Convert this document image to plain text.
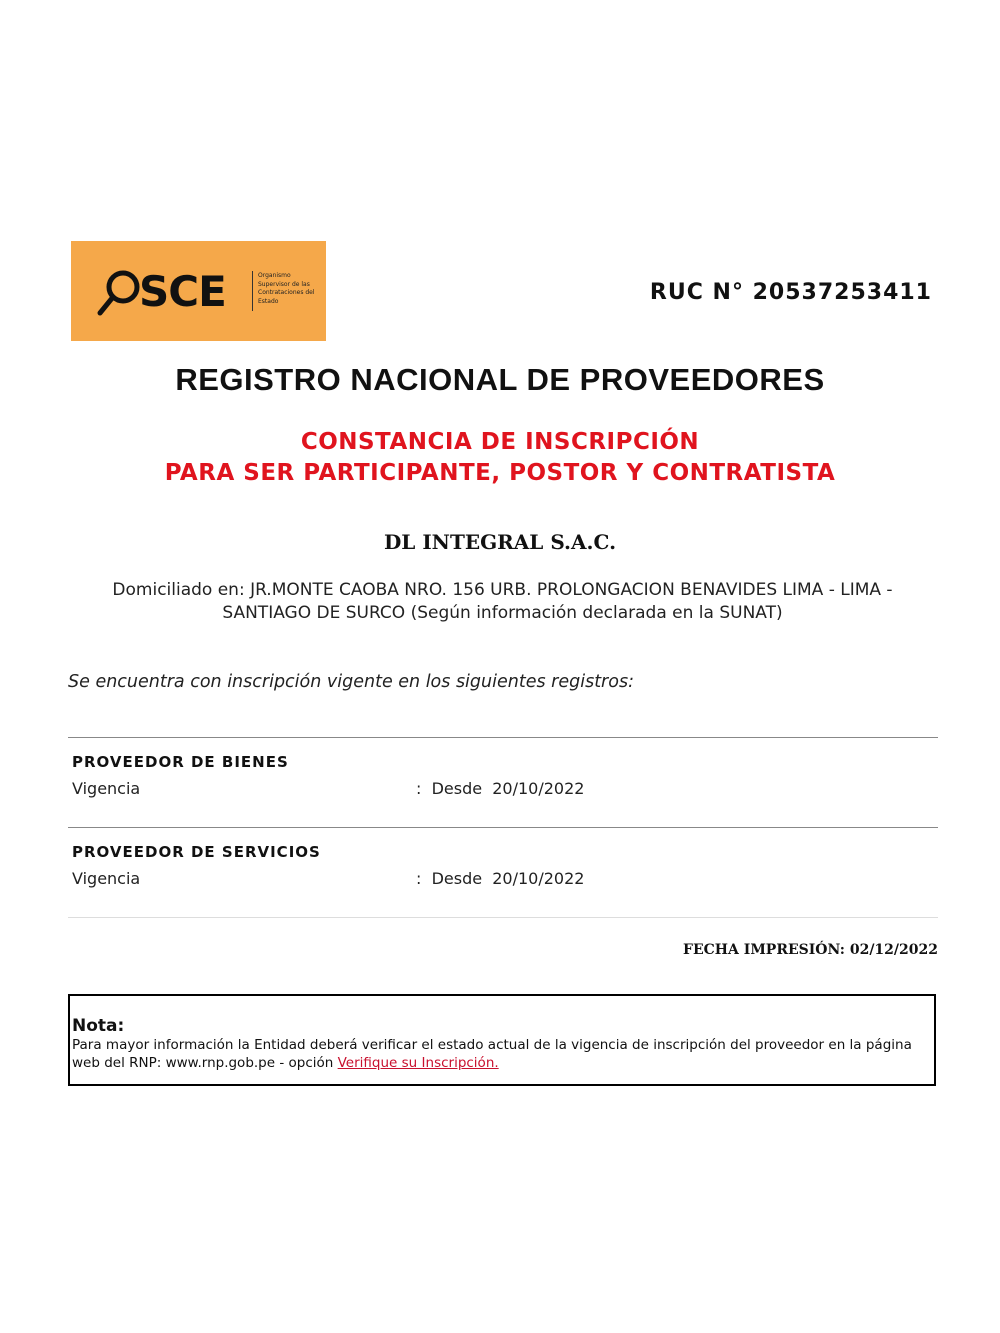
SCE	Organismo Supervisor de las Contrataciones del Estado	RUC N° 20537253411
REGISTRO NACIONAL DE PROVEEDORES
CONSTANCIA DE INSCRIPCIÓN
PARA SER PARTICIPANTE, POSTOR Y CONTRATISTA
DL INTEGRAL S.A.C.
Domiciliado en: JR.MONTE CAOBA NRO. 156 URB. PROLONGACION BENAVIDES LIMA - LIMA -
SANTIAGO DE SURCO (Según información declarada en la SUNAT)
Se encuentra con inscripción vigente en los siguientes registros:
PROVEEDOR DE BIENES
Vigencia	:  Desde  20/10/2022
PROVEEDOR DE SERVICIOS
Vigencia	:  Desde  20/10/2022
FECHA IMPRESIÓN: 02/12/2022
Nota:
Para mayor información la Entidad deberá verificar el estado actual de la vigencia de inscripción del proveedor en la página web del RNP: www.rnp.gob.pe - opción Verifique su Inscripción.
